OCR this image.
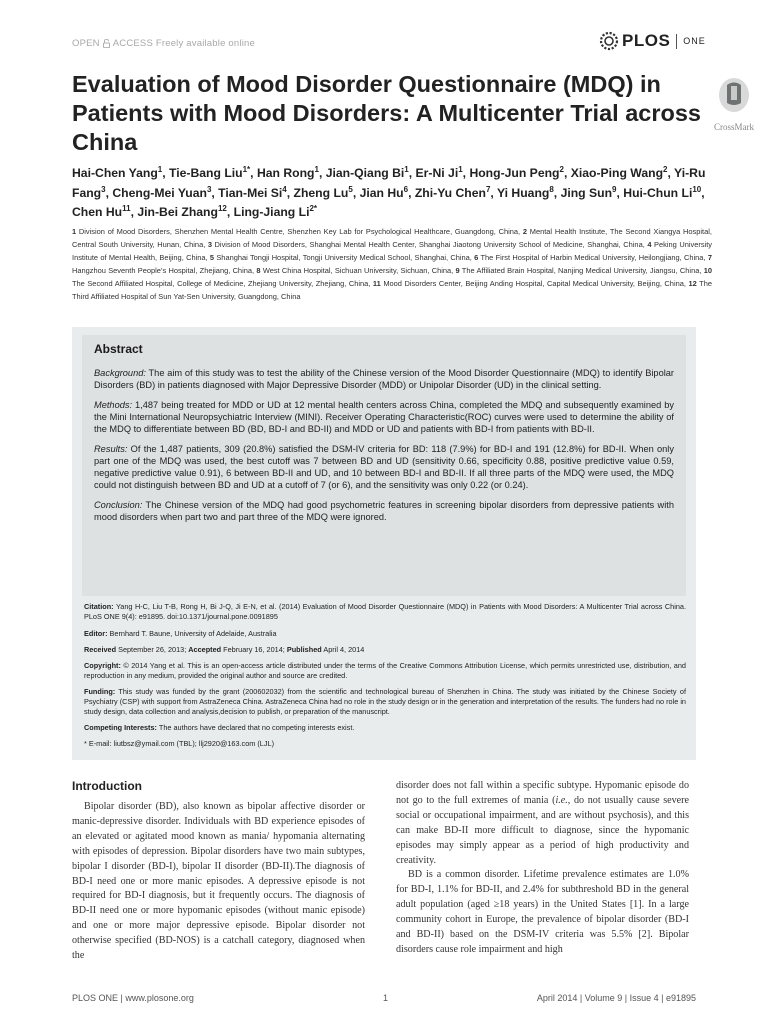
OPEN ACCESS Freely available online	PLOS ONE
Evaluation of Mood Disorder Questionnaire (MDQ) in Patients with Mood Disorders: A Multicenter Trial across China
CrossMark
Hai-Chen Yang$^1$, Tie-Bang Liu$^{1*}$, Han Rong$^1$, Jian-Qiang Bi$^1$, Er-Ni Ji$^1$, Hong-Jun Peng$^2$, Xiao-Ping Wang$^2$, Yi-Ru Fang$^3$, Cheng-Mei Yuan$^3$, Tian-Mei Si$^4$, Zheng Lu$^5$, Jian Hu$^6$, Zhi-Yu Chen$^7$, Yi Huang$^8$, Jing Sun$^9$, Hui-Chun Li$^{10}$, Chen Hu$^{11}$, Jin-Bei Zhang$^{12}$, Ling-Jiang $Li^{2*}$
1 Division of Mood Disorders, Shenzhen Mental Health Centre, Shenzhen Key Lab for Psychological Healthcare, Guangdong, China, 2 Mental Health Institute, The Second Xiangya Hospital, Central South University, Hunan, China, 3 Division of Mood Disorders, Shanghai Mental Health Center, Shanghai Jiaotong University School of Medicine, Shanghai, China, 4 Peking University Institute of Mental Health, Beijing, China, 5 Shanghai Tongji Hospital, Tongji University Medical School, Shanghai, China, 6 The First Hospital of Harbin Medical University, Heilongjiang, China, 7 Hangzhou Seventh People’s Hospital, Zhejiang, China, 8 West China Hospital, Sichuan University, Sichuan, China, 9 The Affiliated Brain Hospital, Nanjing Medical University, Jiangsu, China, 10 The Second Affiliated Hospital, College of Medicine, Zhejiang University, Zhejiang, China, 11 Mood Disorders Center, Beijing Anding Hospital, Capital Medical University, Beijing, China, 12 The Third Affiliated Hospital of Sun Yat-Sen University, Guangdong, China
Abstract

Background: The aim of this study was to test the ability of the Chinese version of the Mood Disorder Questionnaire (MDQ) to identify Bipolar Disorders (BD) in patients diagnosed with Major Depressive Disorder (MDD) or Unipolar Disorder (UD) in the clinical setting.

Methods: 1,487 being treated for MDD or UD at 12 mental health centers across China, completed the MDQ and subsequently examined by the Mini International Neuropsychiatric Interview (MINI). Receiver Operating Characteristic(ROC) curves were used to determine the ability of the MDQ to differentiate between BD (BD, BD-I and BD-II) and MDD or UD and patients with BD-I from patients with BD-II.

Results: Of the 1,487 patients, 309 (20.8%) satisfied the DSM-IV criteria for BD: 118 (7.9%) for BD-I and 191 (12.8%) for BD-II. When only part one of the MDQ was used, the best cutoff was 7 between BD and UD (sensitivity 0.66, specificity 0.88, positive predictive value 0.59, negative predictive value 0.91), 6 between BD-II and UD, and 10 between BD-I and BD-II. If all three parts of the MDQ were used, the MDQ could not distinguish between BD and UD at a cutoff of 7 (or 6), and the sensitivity was only 0.22 (or 0.24).

Conclusion: The Chinese version of the MDQ had good psychometric features in screening bipolar disorders from depressive patients with mood disorders when part two and part three of the MDQ were ignored.

Citation: Yang H-C, Liu T-B, Rong H, Bi J-Q, Ji E-N, et al. (2014) Evaluation of Mood Disorder Questionnaire (MDQ) in Patients with Mood Disorders: A Multicenter Trial across China. PLoS ONE 9(4): e91895. doi:10.1371/journal.pone.0091895
Editor: Bernhard T. Baune, University of Adelaide, Australia
Received September 26, 2013; Accepted February 16, 2014; Published April 4, 2014
Copyright: © 2014 Yang et al. This is an open-access article distributed under the terms of the Creative Commons Attribution License, which permits unrestricted use, distribution, and reproduction in any medium, provided the original author and source are credited.
Funding: This study was funded by the grant (200602032) from the scientific and technological bureau of Shenzhen in China. The study was initiated by the Chinese Society of Psychiatry (CSP) with support from AstraZeneca China. AstraZeneca China had no role in the study design or in the generation and interpretation of the results. The funders had no role in study design, data collection and analysis,decision to publish, or preparation of the manuscript.
Competing Interests: The authors have declared that no competing interests exist.
* E-mail: liutbsz@ymail.com (TBL); llj2920@163.com (LJL)
Introduction

Bipolar disorder (BD), also known as bipolar affective disorder or manic-depressive disorder. Individuals with BD experience episodes of an elevated or agitated mood known as mania/ hypomania alternating with episodes of depression. Bipolar disorders have two main subtypes, bipolar I disorder (BD-I), bipolar II disorder (BD-II).The diagnosis of BD-I need one or more manic episodes. A depressive episode is not required for BD-I diagnosis, but it frequently occurs. The diagnosis of BD-II need one or more hypomanic episodes (without manic episode) and one or more major depressive episode. Bipolar disorder not otherwise specified (BD-NOS) is a catchall category, diagnosed when the

disorder does not fall within a specific subtype. Hypomanic episode do not go to the full extremes of mania (i.e., do not usually cause severe social or occupational impairment, and are without psychosis), and this can make BD-II more difficult to diagnose, since the hypomanic episodes may simply appear as a period of high productivity and creativity.

BD is a common disorder. Lifetime prevalence estimates are 1.0% for BD-I, 1.1% for BD-II, and 2.4% for subthreshold BD in the general adult population (aged ≥18 years) in the United States [1]. In a large community cohort in Europe, the prevalence of bipolar disorder (BD-I and BD-II) based on the DSM-IV criteria was 5.5% [2]. Bipolar disorders cause role impairment and high

PLOS ONE | www.plosone.org	1	April 2014 | Volume 9 | Issue 4 | e91895
